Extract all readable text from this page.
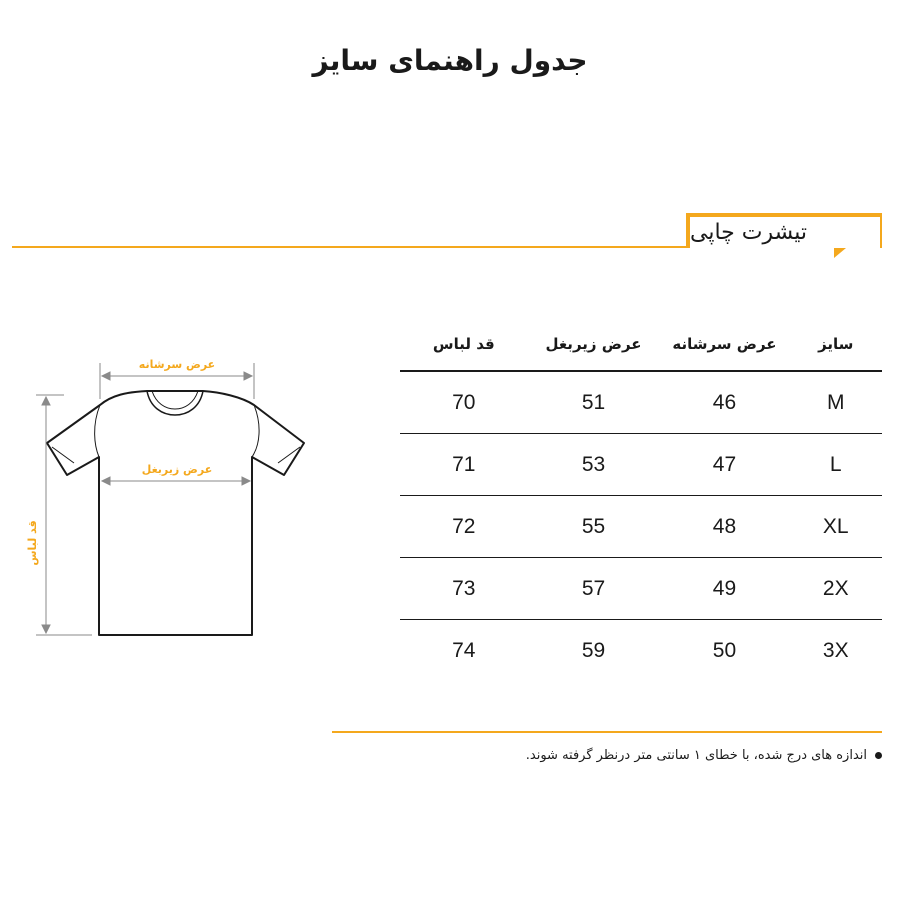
جدول راهنمای سایز
تیشرت چاپی
عرض سرشانه
عرض زیربغل
قد لباس
قد لباس	عرض زیربغل	عرض سرشانه	سایز
70	51	46	M
71	53	47	L
72	55	48	XL
73	57	49	2X
74	59	50	3X
اندازه های درج شده، با خطای ۱ سانتی متر درنظر گرفته شوند.
